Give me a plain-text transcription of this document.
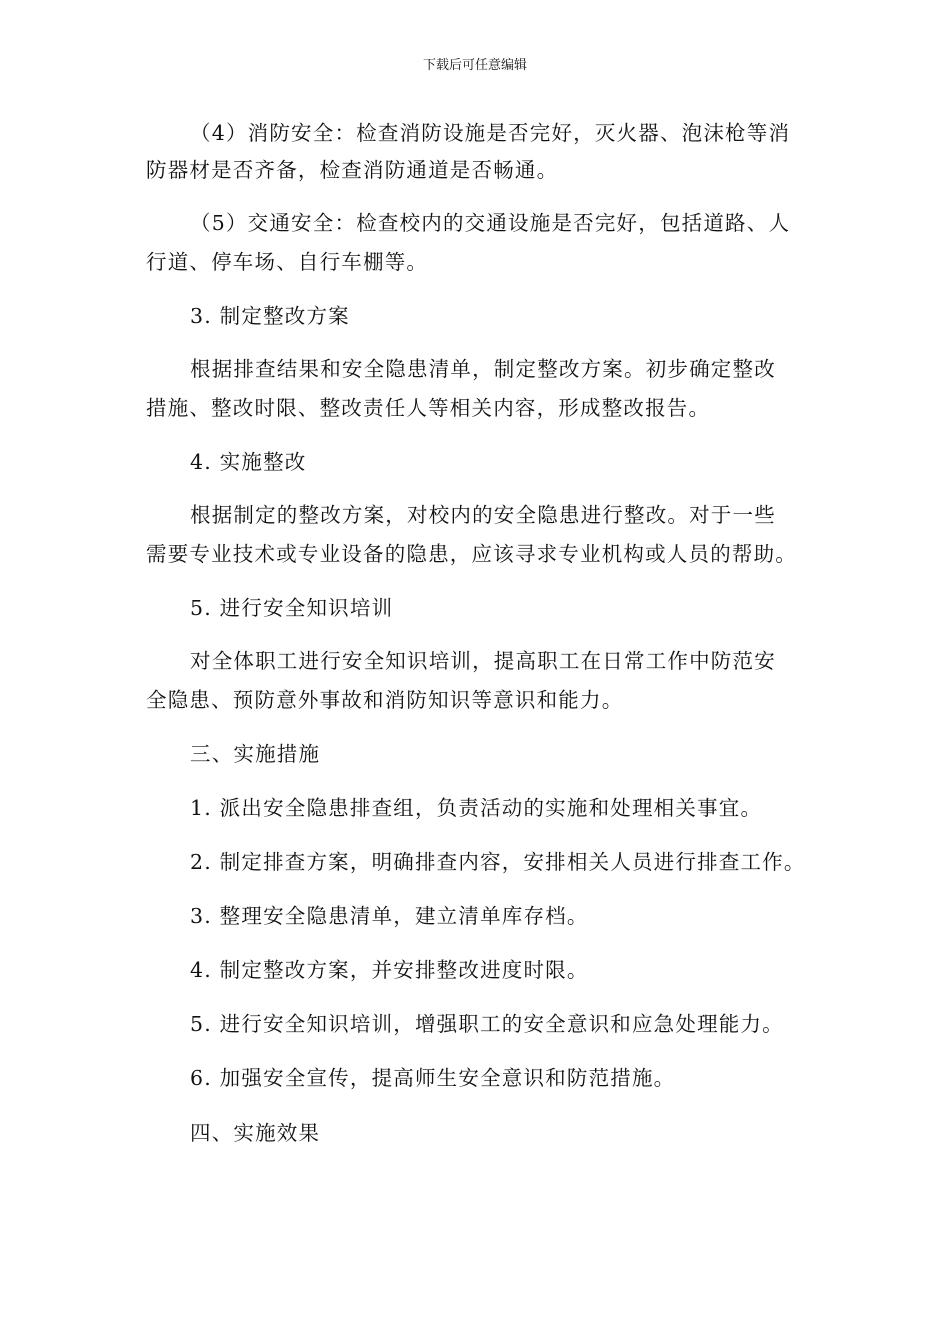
下载后可任意编辑
（4）消防安全：检查消防设施是否完好，灭火器、泡沫枪等消
防器材是否齐备，检查消防通道是否畅通。
（5）交通安全：检查校内的交通设施是否完好，包括道路、人
行道、停车场、自行车棚等。
3. 制定整改方案
根据排查结果和安全隐患清单，制定整改方案。初步确定整改
措施、整改时限、整改责任人等相关内容，形成整改报告。
4. 实施整改
根据制定的整改方案，对校内的安全隐患进行整改。对于一些
需要专业技术或专业设备的隐患，应该寻求专业机构或人员的帮助。
5. 进行安全知识培训
对全体职工进行安全知识培训，提高职工在日常工作中防范安
全隐患、预防意外事故和消防知识等意识和能力。
三、实施措施
1. 派出安全隐患排查组，负责活动的实施和处理相关事宜。
2. 制定排查方案，明确排查内容，安排相关人员进行排查工作。
3. 整理安全隐患清单，建立清单库存档。
4. 制定整改方案，并安排整改进度时限。
5. 进行安全知识培训，增强职工的安全意识和应急处理能力。
6. 加强安全宣传，提高师生安全意识和防范措施。
四、实施效果
